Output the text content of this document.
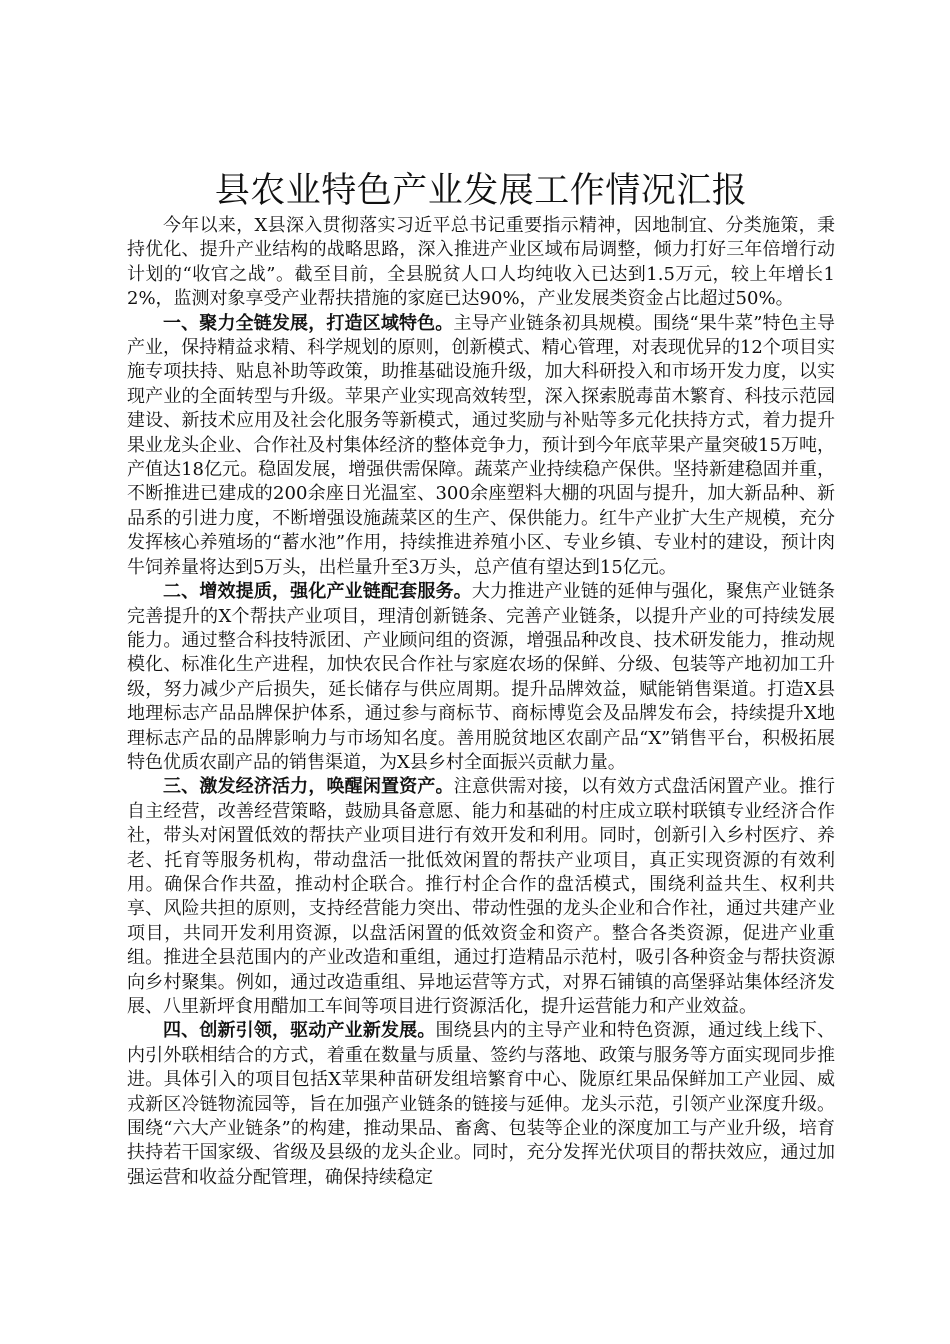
县农业特色产业发展工作情况汇报

今年以来，X县深入贯彻落实习近平总书记重要指示精神，因地制宜、分类施策，秉持优化、提升产业结构的战略思路，深入推进产业区域布局调整，倾力打好三年倍增行动计划的“收官之战”。截至目前，全县脱贫人口人均纯收入已达到1.5万元，较上年增长12%，监测对象享受产业帮扶措施的家庭已达90%，产业发展类资金占比超过50%。

一、聚力全链发展，打造区域特色。主导产业链条初具规模。围绕“果牛菜”特色主导产业，保持精益求精、科学规划的原则，创新模式、精心管理，对表现优异的12个项目实施专项扶持、贴息补助等政策，助推基础设施升级，加大科研投入和市场开发力度，以实现产业的全面转型与升级。苹果产业实现高效转型，深入探索脱毒苗木繁育、科技示范园建设、新技术应用及社会化服务等新模式，通过奖励与补贴等多元化扶持方式，着力提升果业龙头企业、合作社及村集体经济的整体竞争力，预计到今年底苹果产量突破15万吨，产值达18亿元。稳固发展，增强供需保障。蔬菜产业持续稳产保供。坚持新建稳固并重，不断推进已建成的200余座日光温室、300余座塑料大棚的巩固与提升，加大新品种、新品系的引进力度，不断增强设施蔬菜区的生产、保供能力。红牛产业扩大生产规模，充分发挥核心养殖场的“蓄水池”作用，持续推进养殖小区、专业乡镇、专业村的建设，预计肉牛饲养量将达到5万头，出栏量升至3万头，总产值有望达到15亿元。

二、增效提质，强化产业链配套服务。大力推进产业链的延伸与强化，聚焦产业链条完善提升的X个帮扶产业项目，理清创新链条、完善产业链条，以提升产业的可持续发展能力。通过整合科技特派团、产业顾问组的资源，增强品种改良、技术研发能力，推动规模化、标准化生产进程，加快农民合作社与家庭农场的保鲜、分级、包装等产地初加工升级，努力减少产后损失，延长储存与供应周期。提升品牌效益，赋能销售渠道。打造X县地理标志产品品牌保护体系，通过参与商标节、商标博览会及品牌发布会，持续提升X地理标志产品的品牌影响力与市场知名度。善用脱贫地区农副产品“X”销售平台，积极拓展特色优质农副产品的销售渠道，为X县乡村全面振兴贡献力量。

三、激发经济活力，唤醒闲置资产。注意供需对接，以有效方式盘活闲置产业。推行自主经营，改善经营策略，鼓励具备意愿、能力和基础的村庄成立联村联镇专业经济合作社，带头对闲置低效的帮扶产业项目进行有效开发和利用。同时，创新引入乡村医疗、养老、托育等服务机构，带动盘活一批低效闲置的帮扶产业项目，真正实现资源的有效利用。确保合作共盈，推动村企联合。推行村企合作的盘活模式，围绕利益共生、权利共享、风险共担的原则，支持经营能力突出、带动性强的龙头企业和合作社，通过共建产业项目，共同开发利用资源，以盘活闲置的低效资金和资产。整合各类资源，促进产业重组。推进全县范围内的产业改造和重组，通过打造精品示范村，吸引各种资金与帮扶资源向乡村聚集。例如，通过改造重组、异地运营等方式，对界石铺镇的高堡驿站集体经济发展、八里新坪食用醋加工车间等项目进行资源活化，提升运营能力和产业效益。

四、创新引领，驱动产业新发展。围绕县内的主导产业和特色资源，通过线上线下、内引外联相结合的方式，着重在数量与质量、签约与落地、政策与服务等方面实现同步推进。具体引入的项目包括X苹果种苗研发组培繁育中心、陇原红果品保鲜加工产业园、威戎新区冷链物流园等，旨在加强产业链条的链接与延伸。龙头示范，引领产业深度升级。围绕“六大产业链条”的构建，推动果品、畜禽、包装等企业的深度加工与产业升级，培育扶持若干国家级、省级及县级的龙头企业。同时，充分发挥光伏项目的帮扶效应，通过加强运营和收益分配管理，确保持续稳定
